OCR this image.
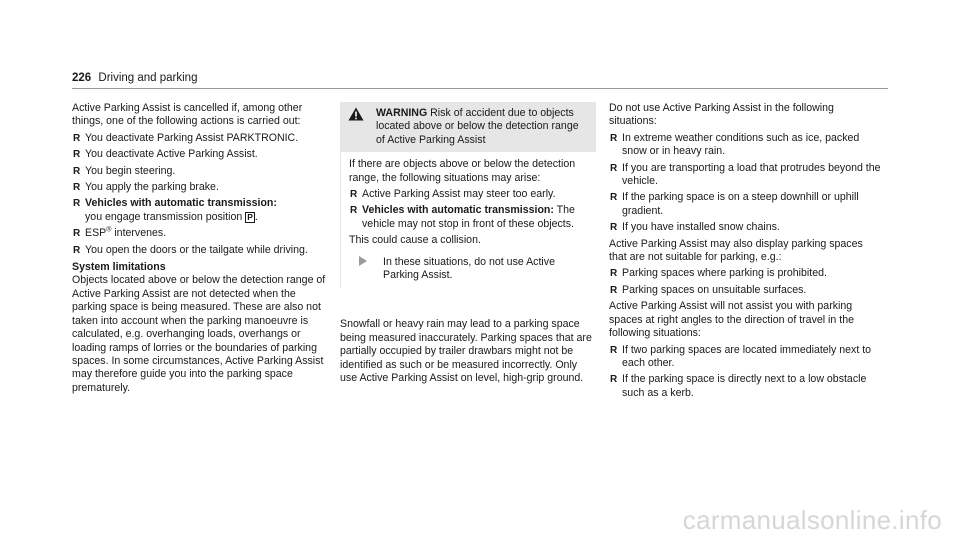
226 Driving and parking

Active Parking Assist is cancelled if, among other things, one of the following actions is carried out:

R You deactivate Parking Assist PARKTRONIC.
R You deactivate Active Parking Assist.
R You begin steering.
R You apply the parking brake.
R Vehicles with automatic transmission:
you engage transmission position P .
R ESP® intervenes.
R You open the doors or the tailgate while driving.

System limitations

Objects located above or below the detection range of Active Parking Assist are not detected when the parking space is being measured. These are also not taken into account when the parking manoeuvre is calculated, e.g. overhanging loads, overhangs or loading ramps of lorries or the boundaries of parking spaces. In some circumstances, Active Parking Assist may therefore guide you into the parking space prematurely.

WARNING Risk of accident due to objects located above or below the detection range of Active Parking Assist

If there are objects above or below the detection range, the following situations may arise:

R Active Parking Assist may steer too early.
R Vehicles with automatic transmission: The vehicle may not stop in front of these objects.

This could cause a collision.

In these situations, do not use Active Parking Assist.

Snowfall or heavy rain may lead to a parking space being measured inaccurately. Parking spaces that are partially occupied by trailer drawbars might not be identified as such or be measured incorrectly. Only use Active Parking Assist on level, high-grip ground.

Do not use Active Parking Assist in the following situations:

R In extreme weather conditions such as ice, packed snow or in heavy rain.
R If you are transporting a load that protrudes beyond the vehicle.
R If the parking space is on a steep downhill or uphill gradient.
R If you have installed snow chains.

Active Parking Assist may also display parking spaces that are not suitable for parking, e.g.:

R Parking spaces where parking is prohibited.
R Parking spaces on unsuitable surfaces.

Active Parking Assist will not assist you with parking spaces at right angles to the direction of travel in the following situations:

R If two parking spaces are located immediately next to each other.
R If the parking space is directly next to a low obstacle such as a kerb.
carmanualsonline.info
